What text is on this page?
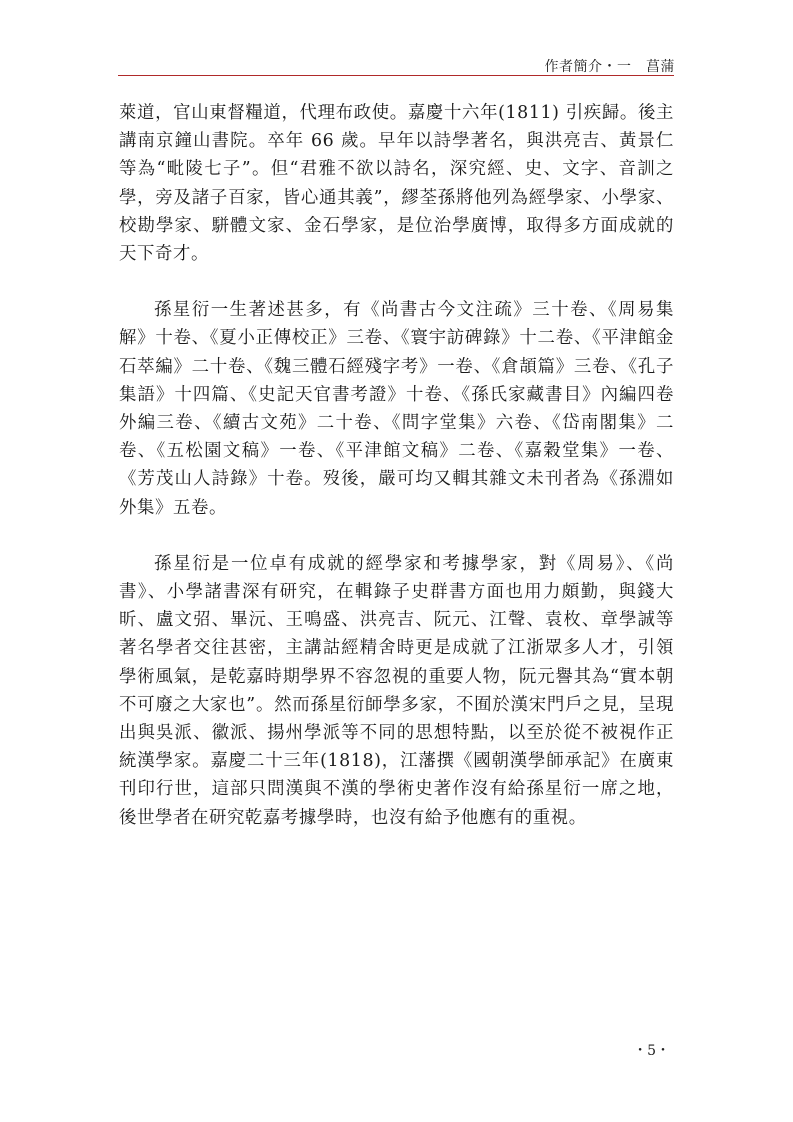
作者簡介・一　菖蒲

萊道，官山東督糧道，代理布政使。嘉慶十六年(1811) 引疾歸。後主講南京鐘山書院。卒年 66 歲。早年以詩學著名，與洪亮吉、黃景仁等為“毗陵七子”。但“君雅不欲以詩名，深究經、史、文字、音訓之學，旁及諸子百家，皆心通其義”，繆荃孫將他列為經學家、小學家、校勘學家、駢體文家、金石學家，是位治學廣博，取得多方面成就的天下奇才。

孫星衍一生著述甚多，有《尚書古今文注疏》三十卷、《周易集解》十卷、《夏小正傳校正》三卷、《寰宇訪碑錄》十二卷、《平津館金石萃編》二十卷、《魏三體石經殘字考》一卷、《倉頡篇》三卷、《孔子集語》十四篇、《史記天官書考證》十卷、《孫氏家藏書目》內編四卷外編三卷、《續古文苑》二十卷、《問字堂集》六卷、《岱南閣集》二卷、《五松園文稿》一卷、《平津館文稿》二卷、《嘉穀堂集》一卷、《芳茂山人詩錄》十卷。歿後，嚴可均又輯其雜文未刊者為《孫淵如外集》五卷。

孫星衍是一位卓有成就的經學家和考據學家，對《周易》、《尚書》、小學諸書深有研究，在輯錄子史群書方面也用力頗勤，與錢大昕、盧文弨、畢沅、王鳴盛、洪亮吉、阮元、江聲、袁枚、章學誠等著名學者交往甚密，主講詁經精舍時更是成就了江浙眾多人才，引領學術風氣，是乾嘉時期學界不容忽視的重要人物，阮元譽其為“實本朝不可廢之大家也”。然而孫星衍師學多家，不囿於漢宋門戶之見，呈現出與吳派、徽派、揚州學派等不同的思想特點，以至於從不被視作正統漢學家。嘉慶二十三年(1818)，江藩撰《國朝漢學師承記》在廣東刊印行世，這部只問漢與不漢的學術史著作沒有給孫星衍一席之地，後世學者在研究乾嘉考據學時，也沒有給予他應有的重視。

・5・
